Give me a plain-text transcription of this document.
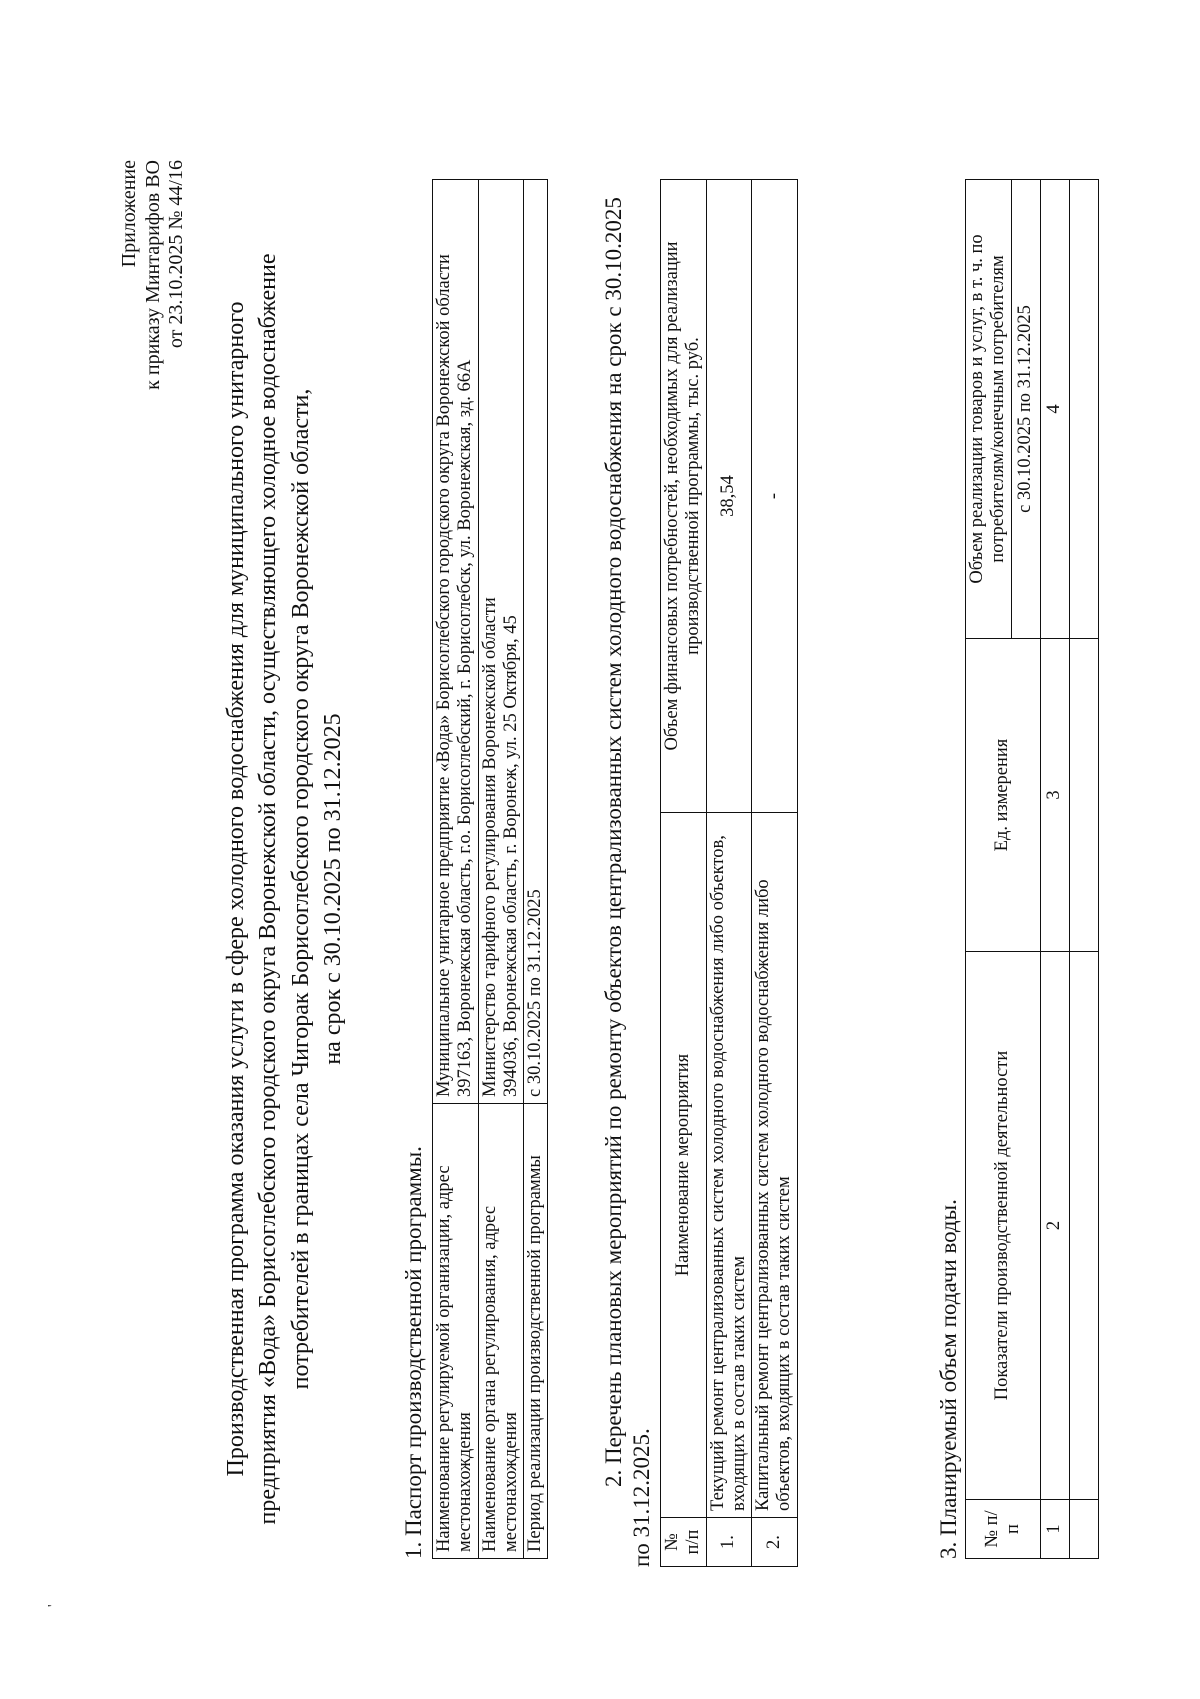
'
Приложение к приказу Минтарифов ВО от 23.10.2025 № 44/16
Производственная программа оказания услуги в сфере холодного водоснабжения для муниципального унитарного предприятия «Вода» Борисоглебского городского округа Воронежской области, осуществляющего холодное водоснабжение потребителей в границах села Чигорак Борисоглебского городского округа Воронежской области, на срок с 30.10.2025 по 31.12.2025
1. Паспорт производственной программы. Наименование регулируемой организации, адрес местонахождения	Муниципальное унитарное предприятие «Вода» Борисоглебского городского округа Воронежской области 397163, Воронежская область, г.о. Борисоглебский, г. Борисоглебск, ул. Воронежская, зд. 66А

Наименование органа регулирования, адрес местонахождения	Министерство тарифного регулирования Воронежской области 394036, Воронежская область, г. Воронеж, ул. 25 Октября, 45

Период реализации производственной программы	с 30.10.2025 по 31.12.2025 2. Перечень плановых мероприятий по ремонту объектов централизованных систем холодного водоснабжения на срок с 30.10.2025 по 31.12.2025. № п/п	Наименование мероприятия	Объем финансовых потребностей, необходимых для реализации производственной программы, тыс. руб.
1.	Текущий ремонт централизованных систем холодного водоснабжения либо объектов, входящих в состав таких систем	38,54
2.	Капитальный ремонт централизованных систем холодного водоснабжения либо объектов, входящих в состав таких систем	-
3. Планируемый объем подачи воды. № п/п	Показатели производственной деятельности	Ед. измерения	Объем реализации товаров и услуг, в т. ч. по потребителям/конечным потребителям
			с 30.10.2025 по 31.12.2025
1	2	3	4
